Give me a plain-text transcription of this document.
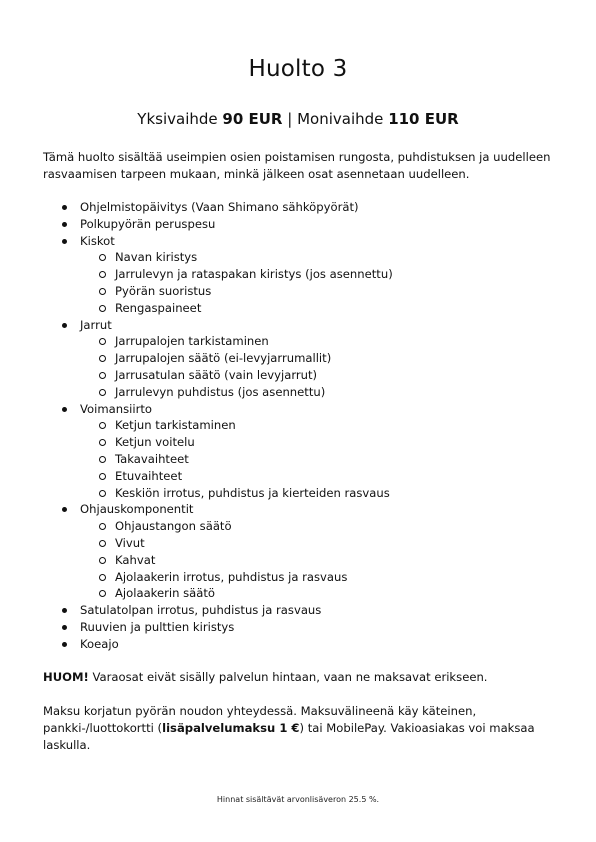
Huolto 3
Yksivaihde 90 EUR | Monivaihde 110 EUR
Tämä huolto sisältää useimpien osien poistamisen rungosta, puhdistuksen ja uudelleen rasvaamisen tarpeen mukaan, minkä jälkeen osat asennetaan uudelleen.
Ohjelmistopäivitys (Vaan Shimano sähköpyörät)
Polkupyörän peruspesu
Kiskot
Navan kiristys
Jarrulevyn ja rataspakan kiristys (jos asennettu)
Pyörän suoristus
Rengaspaineet
Jarrut
Jarrupalojen tarkistaminen
Jarrupalojen säätö (ei-levyjarrumallit)
Jarrusatulan säätö (vain levyjarrut)
Jarrulevyn puhdistus (jos asennettu)
Voimansiirto
Ketjun tarkistaminen
Ketjun voitelu
Takavaihteet
Etuvaihteet
Keskiön irrotus, puhdistus ja kierteiden rasvaus
Ohjauskomponentit
Ohjaustangon säätö
Vivut
Kahvat
Ajolaakerin irrotus, puhdistus ja rasvaus
Ajolaakerin säätö
Satulatolpan irrotus, puhdistus ja rasvaus
Ruuvien ja pulttien kiristys
Koeajo
HUOM! Varaosat eivät sisälly palvelun hintaan, vaan ne maksavat erikseen.
Maksu korjatun pyörän noudon yhteydessä. Maksuvälineenä käy käteinen, pankki-/luottokortti (lisäpalvelumaksu 1 €) tai MobilePay. Vakioasiakas voi maksaa laskulla.
Hinnat sisältävät arvonlisäveron 25.5 %.
